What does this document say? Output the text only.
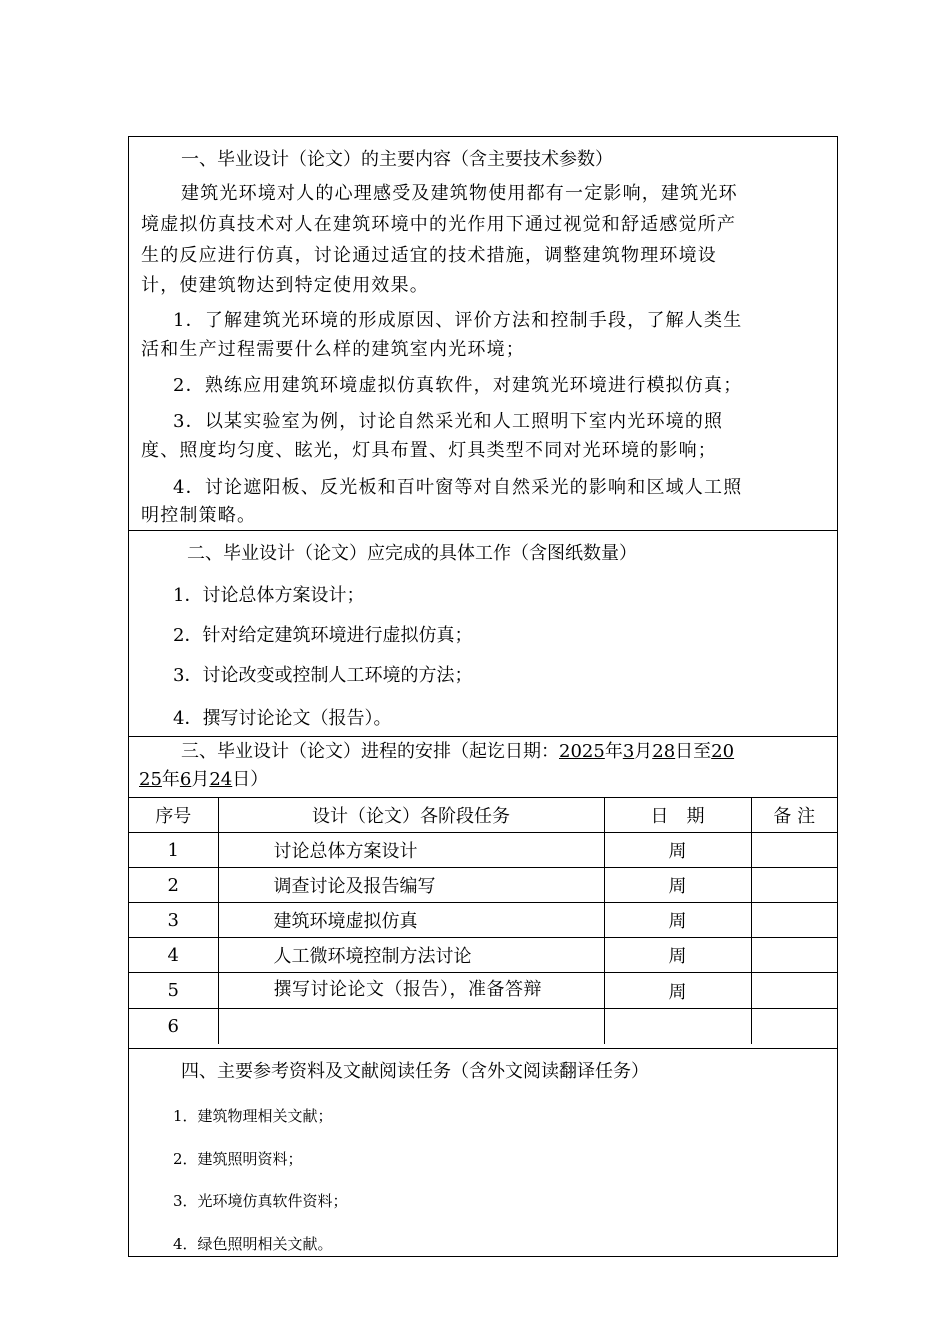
一、毕业设计（论文）的主要内容（含主要技术参数）
建筑光环境对人的心理感受及建筑物使用都有一定影响，建筑光环
境虚拟仿真技术对人在建筑环境中的光作用下通过视觉和舒适感觉所产
生的反应进行仿真，讨论通过适宜的技术措施，调整建筑物理环境设
计，使建筑物达到特定使用效果。
1．了解建筑光环境的形成原因、评价方法和控制手段，了解人类生
活和生产过程需要什么样的建筑室内光环境；
2．熟练应用建筑环境虚拟仿真软件，对建筑光环境进行模拟仿真；
3．以某实验室为例，讨论自然采光和人工照明下室内光环境的照
度、照度均匀度、眩光，灯具布置、灯具类型不同对光环境的影响；
4．讨论遮阳板、反光板和百叶窗等对自然采光的影响和区域人工照
明控制策略。
二、毕业设计（论文）应完成的具体工作（含图纸数量）
1．讨论总体方案设计；
2．针对给定建筑环境进行虚拟仿真；
3．讨论改变或控制人工环境的方法；
4．撰写讨论论文（报告）。
三、毕业设计（论文）进程的安排（起讫日期：2025年3月28日至20
25年6月24日）
序号	设计（论文）各阶段任务	日　期	备 注
1	讨论总体方案设计	周	
2	调查讨论及报告编写	周	
3	建筑环境虚拟仿真	周	
4	人工微环境控制方法讨论	周	
5	撰写讨论论文（报告），准备答辩	周	
6			
四、主要参考资料及文献阅读任务（含外文阅读翻译任务）
1．建筑物理相关文献；
2．建筑照明资料；
3．光环境仿真软件资料；
4．绿色照明相关文献。
